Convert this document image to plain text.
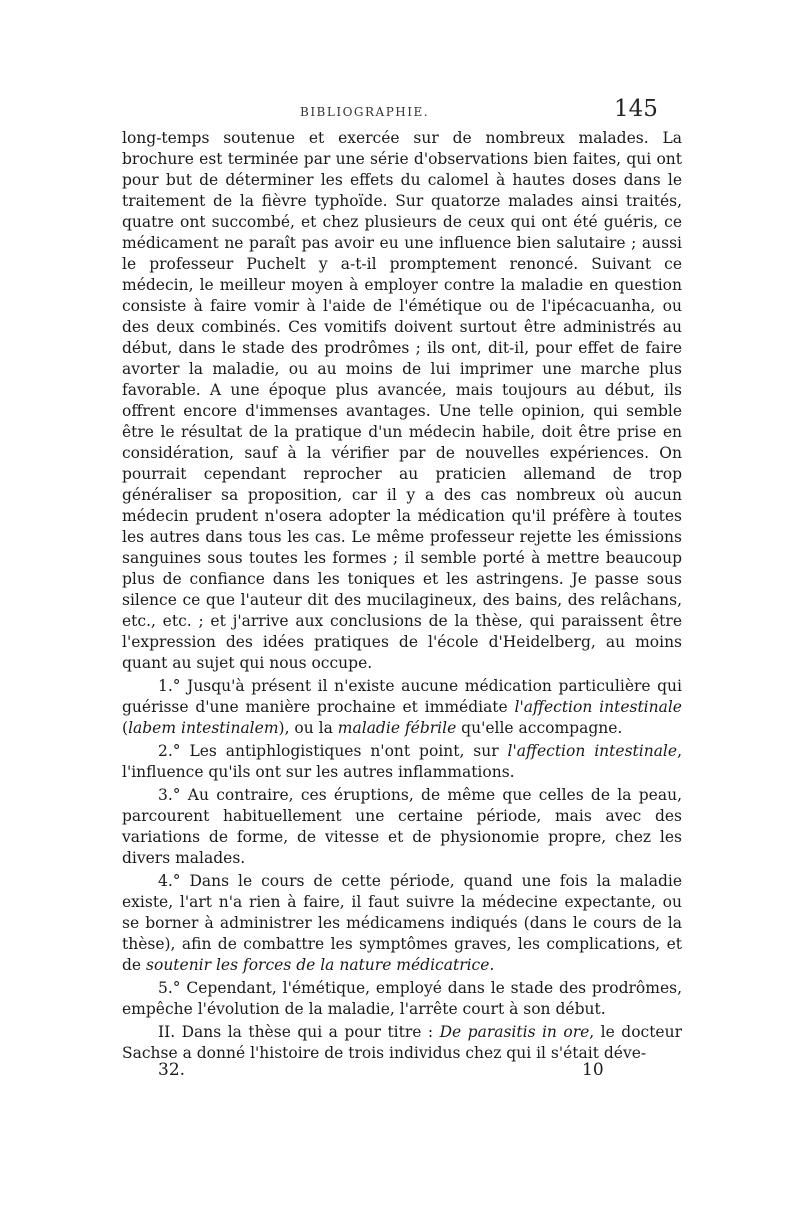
BIBLIOGRAPHIE.	145

long-temps soutenue et exercée sur de nombreux malades. La brochure est terminée par une série d'observations bien faites, qui ont pour but de déterminer les effets du calomel à hautes doses dans le traitement de la fièvre typhoïde. Sur quatorze malades ainsi traités, quatre ont succombé, et chez plusieurs de ceux qui ont été guéris, ce médicament ne paraît pas avoir eu une influence bien salutaire ; aussi le professeur Puchelt y a-t-il promptement renoncé. Suivant ce médecin, le meilleur moyen à employer contre la maladie en question consiste à faire vomir à l'aide de l'émétique ou de l'ipécacuanha, ou des deux combinés. Ces vomitifs doivent surtout être administrés au début, dans le stade des prodrômes ; ils ont, dit-il, pour effet de faire avorter la maladie, ou au moins de lui imprimer une marche plus favorable. A une époque plus avancée, mais toujours au début, ils offrent encore d'immenses avantages. Une telle opinion, qui semble être le résultat de la pratique d'un médecin habile, doit être prise en considération, sauf à la vérifier par de nouvelles expériences. On pourrait cependant reprocher au praticien allemand de trop généraliser sa proposition, car il y a des cas nombreux où aucun médecin prudent n'osera adopter la médication qu'il préfère à toutes les autres dans tous les cas. Le même professeur rejette les émissions sanguines sous toutes les formes ; il semble porté à mettre beaucoup plus de confiance dans les toniques et les astringens. Je passe sous silence ce que l'auteur dit des mucilagineux, des bains, des relâchans, etc., etc. ; et j'arrive aux conclusions de la thèse, qui paraissent être l'expression des idées pratiques de l'école d'Heidelberg, au moins quant au sujet qui nous occupe.

1.° Jusqu'à présent il n'existe aucune médication particulière qui guérisse d'une manière prochaine et immédiate l'affection intestinale (labem intestinalem), ou la maladie fébrile qu'elle accompagne.

2.° Les antiphlogistiques n'ont point, sur l'affection intestinale, l'influence qu'ils ont sur les autres inflammations.

3.° Au contraire, ces éruptions, de même que celles de la peau, parcourent habituellement une certaine période, mais avec des variations de forme, de vitesse et de physionomie propre, chez les divers malades.

4.° Dans le cours de cette période, quand une fois la maladie existe, l'art n'a rien à faire, il faut suivre la médecine expectante, ou se borner à administrer les médicamens indiqués (dans le cours de la thèse), afin de combattre les symptômes graves, les complications, et de soutenir les forces de la nature médicatrice.

5.° Cependant, l'émétique, employé dans le stade des prodrômes, empêche l'évolution de la maladie, l'arrête court à son début.

II. Dans la thèse qui a pour titre : De parasitis in ore, le docteur Sachse a donné l'histoire de trois individus chez qui il s'était déve-

32.	10
